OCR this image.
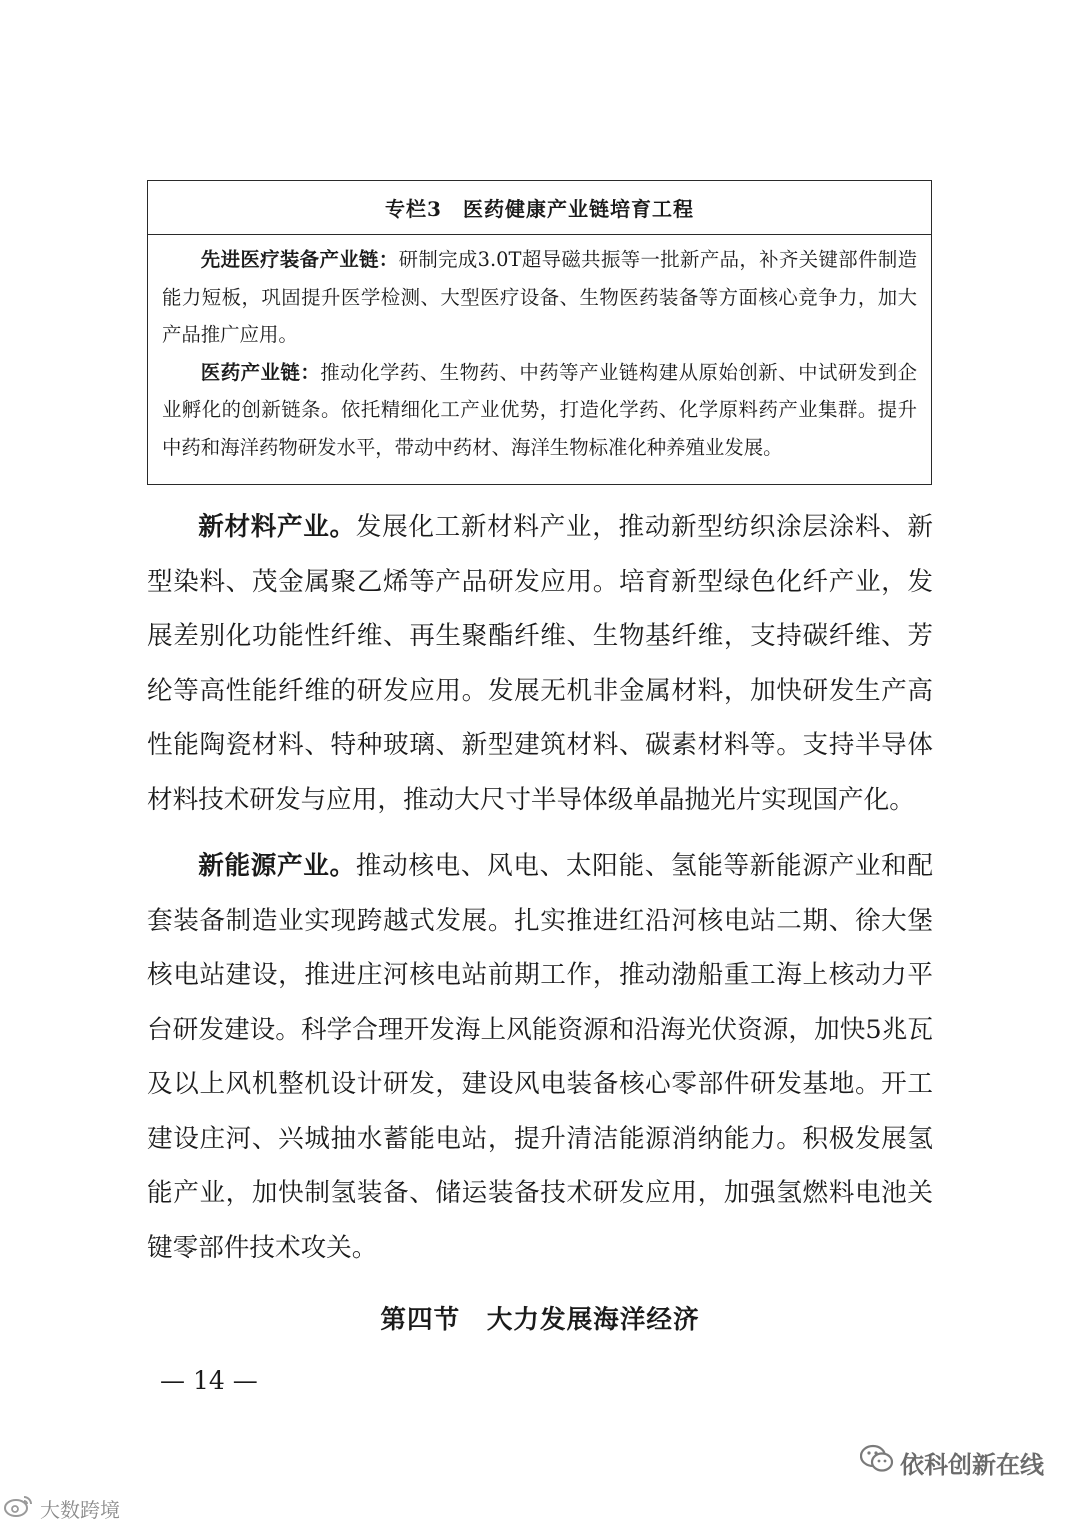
专栏3　医药健康产业链培育工程

先进医疗装备产业链：研制完成3.0T超导磁共振等一批新产品，补齐关键部件制造能力短板，巩固提升医学检测、大型医疗设备、生物医药装备等方面核心竞争力，加大产品推广应用。

医药产业链：推动化学药、生物药、中药等产业链构建从原始创新、中试研发到企业孵化的创新链条。依托精细化工产业优势，打造化学药、化学原料药产业集群。提升中药和海洋药物研发水平，带动中药材、海洋生物标准化种养殖业发展。

新材料产业。发展化工新材料产业，推动新型纺织涂层涂料、新型染料、茂金属聚乙烯等产品研发应用。培育新型绿色化纤产业，发展差别化功能性纤维、再生聚酯纤维、生物基纤维，支持碳纤维、芳纶等高性能纤维的研发应用。发展无机非金属材料，加快研发生产高性能陶瓷材料、特种玻璃、新型建筑材料、碳素材料等。支持半导体材料技术研发与应用，推动大尺寸半导体级单晶抛光片实现国产化。

新能源产业。推动核电、风电、太阳能、氢能等新能源产业和配套装备制造业实现跨越式发展。扎实推进红沿河核电站二期、徐大堡核电站建设，推进庄河核电站前期工作，推动渤船重工海上核动力平台研发建设。科学合理开发海上风能资源和沿海光伏资源，加快5兆瓦及以上风机整机设计研发，建设风电装备核心零部件研发基地。开工建设庄河、兴城抽水蓄能电站，提升清洁能源消纳能力。积极发展氢能产业，加快制氢装备、储运装备技术研发应用，加强氢燃料电池关键零部件技术攻关。

第四节　大力发展海洋经济
— 14 —
依科创新在线
大数跨境
